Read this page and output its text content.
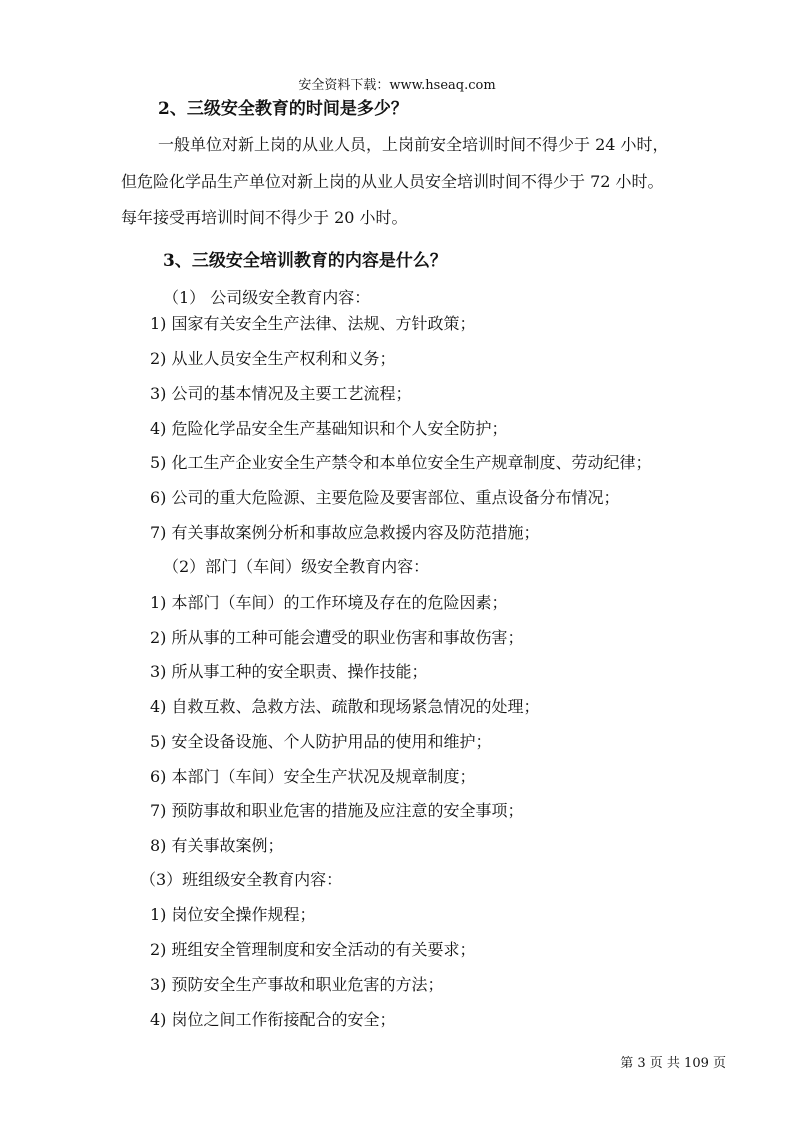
安全资料下载：www.hseaq.com
2、三级安全教育的时间是多少？
一般单位对新上岗的从业人员，上岗前安全培训时间不得少于 24 小时，
但危险化学品生产单位对新上岗的从业人员安全培训时间不得少于 72 小时。
每年接受再培训时间不得少于 20 小时。
3、三级安全培训教育的内容是什么？
（1） 公司级安全教育内容：
1) 国家有关安全生产法律、法规、方针政策；
2) 从业人员安全生产权利和义务；
3) 公司的基本情况及主要工艺流程；
4) 危险化学品安全生产基础知识和个人安全防护；
5) 化工生产企业安全生产禁令和本单位安全生产规章制度、劳动纪律；
6) 公司的重大危险源、主要危险及要害部位、重点设备分布情况；
7) 有关事故案例分析和事故应急救援内容及防范措施；
（2）部门（车间）级安全教育内容：
1) 本部门（车间）的工作环境及存在的危险因素；
2) 所从事的工种可能会遭受的职业伤害和事故伤害；
3) 所从事工种的安全职责、操作技能；
4) 自救互救、急救方法、疏散和现场紧急情况的处理；
5) 安全设备设施、个人防护用品的使用和维护；
6) 本部门（车间）安全生产状况及规章制度；
7) 预防事故和职业危害的措施及应注意的安全事项；
8) 有关事故案例；
（3）班组级安全教育内容：
1) 岗位安全操作规程；
2) 班组安全管理制度和安全活动的有关要求；
3) 预防安全生产事故和职业危害的方法；
4) 岗位之间工作衔接配合的安全；
第 3 页 共 109 页
